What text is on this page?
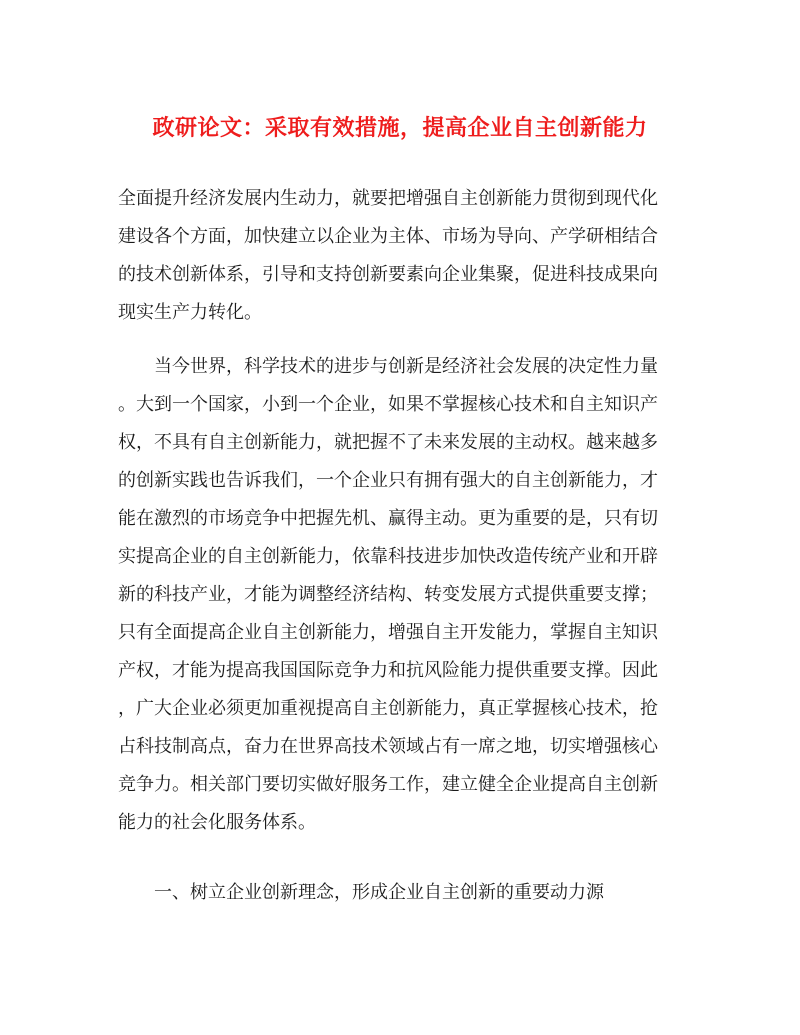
政研论文：采取有效措施，提高企业自主创新能力
全面提升经济发展内生动力，就要把增强自主创新能力贯彻到现代化
建设各个方面，加快建立以企业为主体、市场为导向、产学研相结合
的技术创新体系，引导和支持创新要素向企业集聚，促进科技成果向
现实生产力转化。
　　当今世界，科学技术的进步与创新是经济社会发展的决定性力量
。大到一个国家，小到一个企业，如果不掌握核心技术和自主知识产
权，不具有自主创新能力，就把握不了未来发展的主动权。越来越多
的创新实践也告诉我们，一个企业只有拥有强大的自主创新能力，才
能在激烈的市场竞争中把握先机、赢得主动。更为重要的是，只有切
实提高企业的自主创新能力，依靠科技进步加快改造传统产业和开辟
新的科技产业，才能为调整经济结构、转变发展方式提供重要支撑；
只有全面提高企业自主创新能力，增强自主开发能力，掌握自主知识
产权，才能为提高我国国际竞争力和抗风险能力提供重要支撑。因此
，广大企业必须更加重视提高自主创新能力，真正掌握核心技术，抢
占科技制高点，奋力在世界高技术领域占有一席之地，切实增强核心
竞争力。相关部门要切实做好服务工作，建立健全企业提高自主创新
能力的社会化服务体系。
　　一、树立企业创新理念，形成企业自主创新的重要动力源
